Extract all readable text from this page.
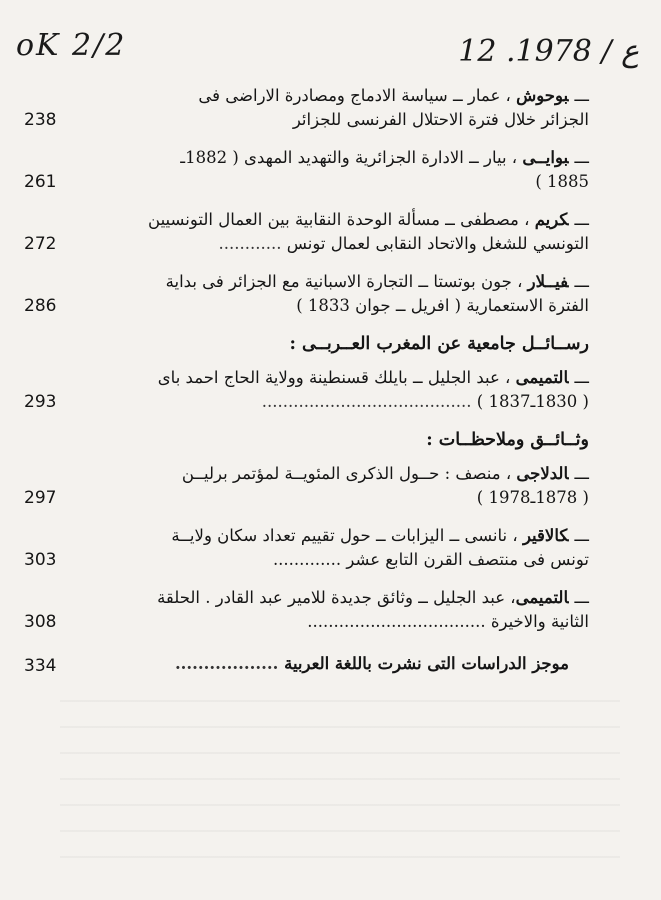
oK 2/2	12 .ع / 1978
ـــبوحوش ، عمار ــ سياسة الادماج ومصادرة الاراضى فى
الجزائر خلال فترة الاحتلال الفرنسى للجزائر
238
ـــبوايــى ، بيار ــ الادارة الجزائرية والتهديد المهدى ( 1882ـ
1885 )
261
ـــكريم ، مصطفى ــ مسألة الوحدة النقابية بين العمال التونسيين
التونسي للشغل والاتحاد النقابى لعمال تونس ............
272
ـــفيــلار ، جون بوتستا ــ التجارة الاسبانية مع الجزائر فى بداية
الفترة الاستعمارية ( افريل ــ جوان 1833 )
286
رســائــل جامعية عن المغرب العــربــى :
ـــالتميمى ، عبد الجليل ــ بايلك قسنطينة وولاية الحاج احمد باى
( 1830ـ1837 ) ........................................
293
وثــائــق وملاحظــات :
ـــالدلاجى ، منصف : حــول الذكرى المئويــة لمؤتمر برليــن
( 1878ـ1978 )
297
ـــكالاقير ، نانسى ــ اليزابات ــ حول تقييم تعداد سكان ولايــة
تونس فى منتصف القرن التابع عشر .............
303
ـــالتميمى، عبد الجليل ــ وثائق جديدة للامير عبد القادر . الحلقة
الثانية والاخيرة ..................................
308
موجز الدراسات التى نشرت باللغة العربية ..................
334
